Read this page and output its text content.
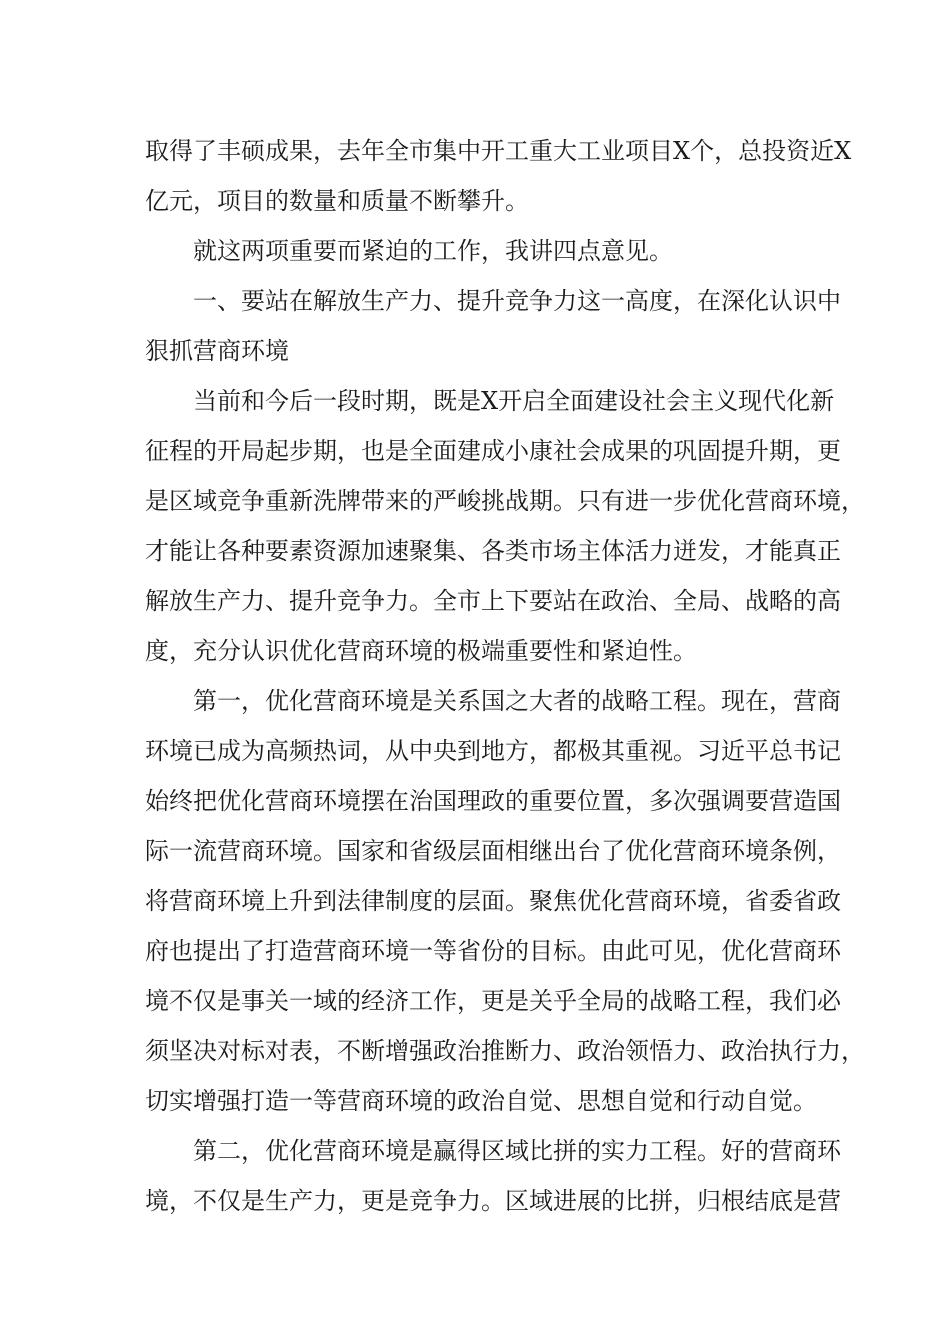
取得了丰硕成果，去年全市集中开工重大工业项目X个，总投资近X
亿元，项目的数量和质量不断攀升。
就这两项重要而紧迫的工作，我讲四点意见。
一、要站在解放生产力、提升竞争力这一高度，在深化认识中
狠抓营商环境
当前和今后一段时期，既是X开启全面建设社会主义现代化新
征程的开局起步期，也是全面建成小康社会成果的巩固提升期，更
是区域竞争重新洗牌带来的严峻挑战期。只有进一步优化营商环境，
才能让各种要素资源加速聚集、各类市场主体活力迸发，才能真正
解放生产力、提升竞争力。全市上下要站在政治、全局、战略的高
度，充分认识优化营商环境的极端重要性和紧迫性。
第一，优化营商环境是关系国之大者的战略工程。现在，营商
环境已成为高频热词，从中央到地方，都极其重视。习近平总书记
始终把优化营商环境摆在治国理政的重要位置，多次强调要营造国
际一流营商环境。国家和省级层面相继出台了优化营商环境条例，
将营商环境上升到法律制度的层面。聚焦优化营商环境，省委省政
府也提出了打造营商环境一等省份的目标。由此可见，优化营商环
境不仅是事关一域的经济工作，更是关乎全局的战略工程，我们必
须坚决对标对表，不断增强政治推断力、政治领悟力、政治执行力，
切实增强打造一等营商环境的政治自觉、思想自觉和行动自觉。
第二，优化营商环境是赢得区域比拼的实力工程。好的营商环
境，不仅是生产力，更是竞争力。区域进展的比拼，归根结底是营
